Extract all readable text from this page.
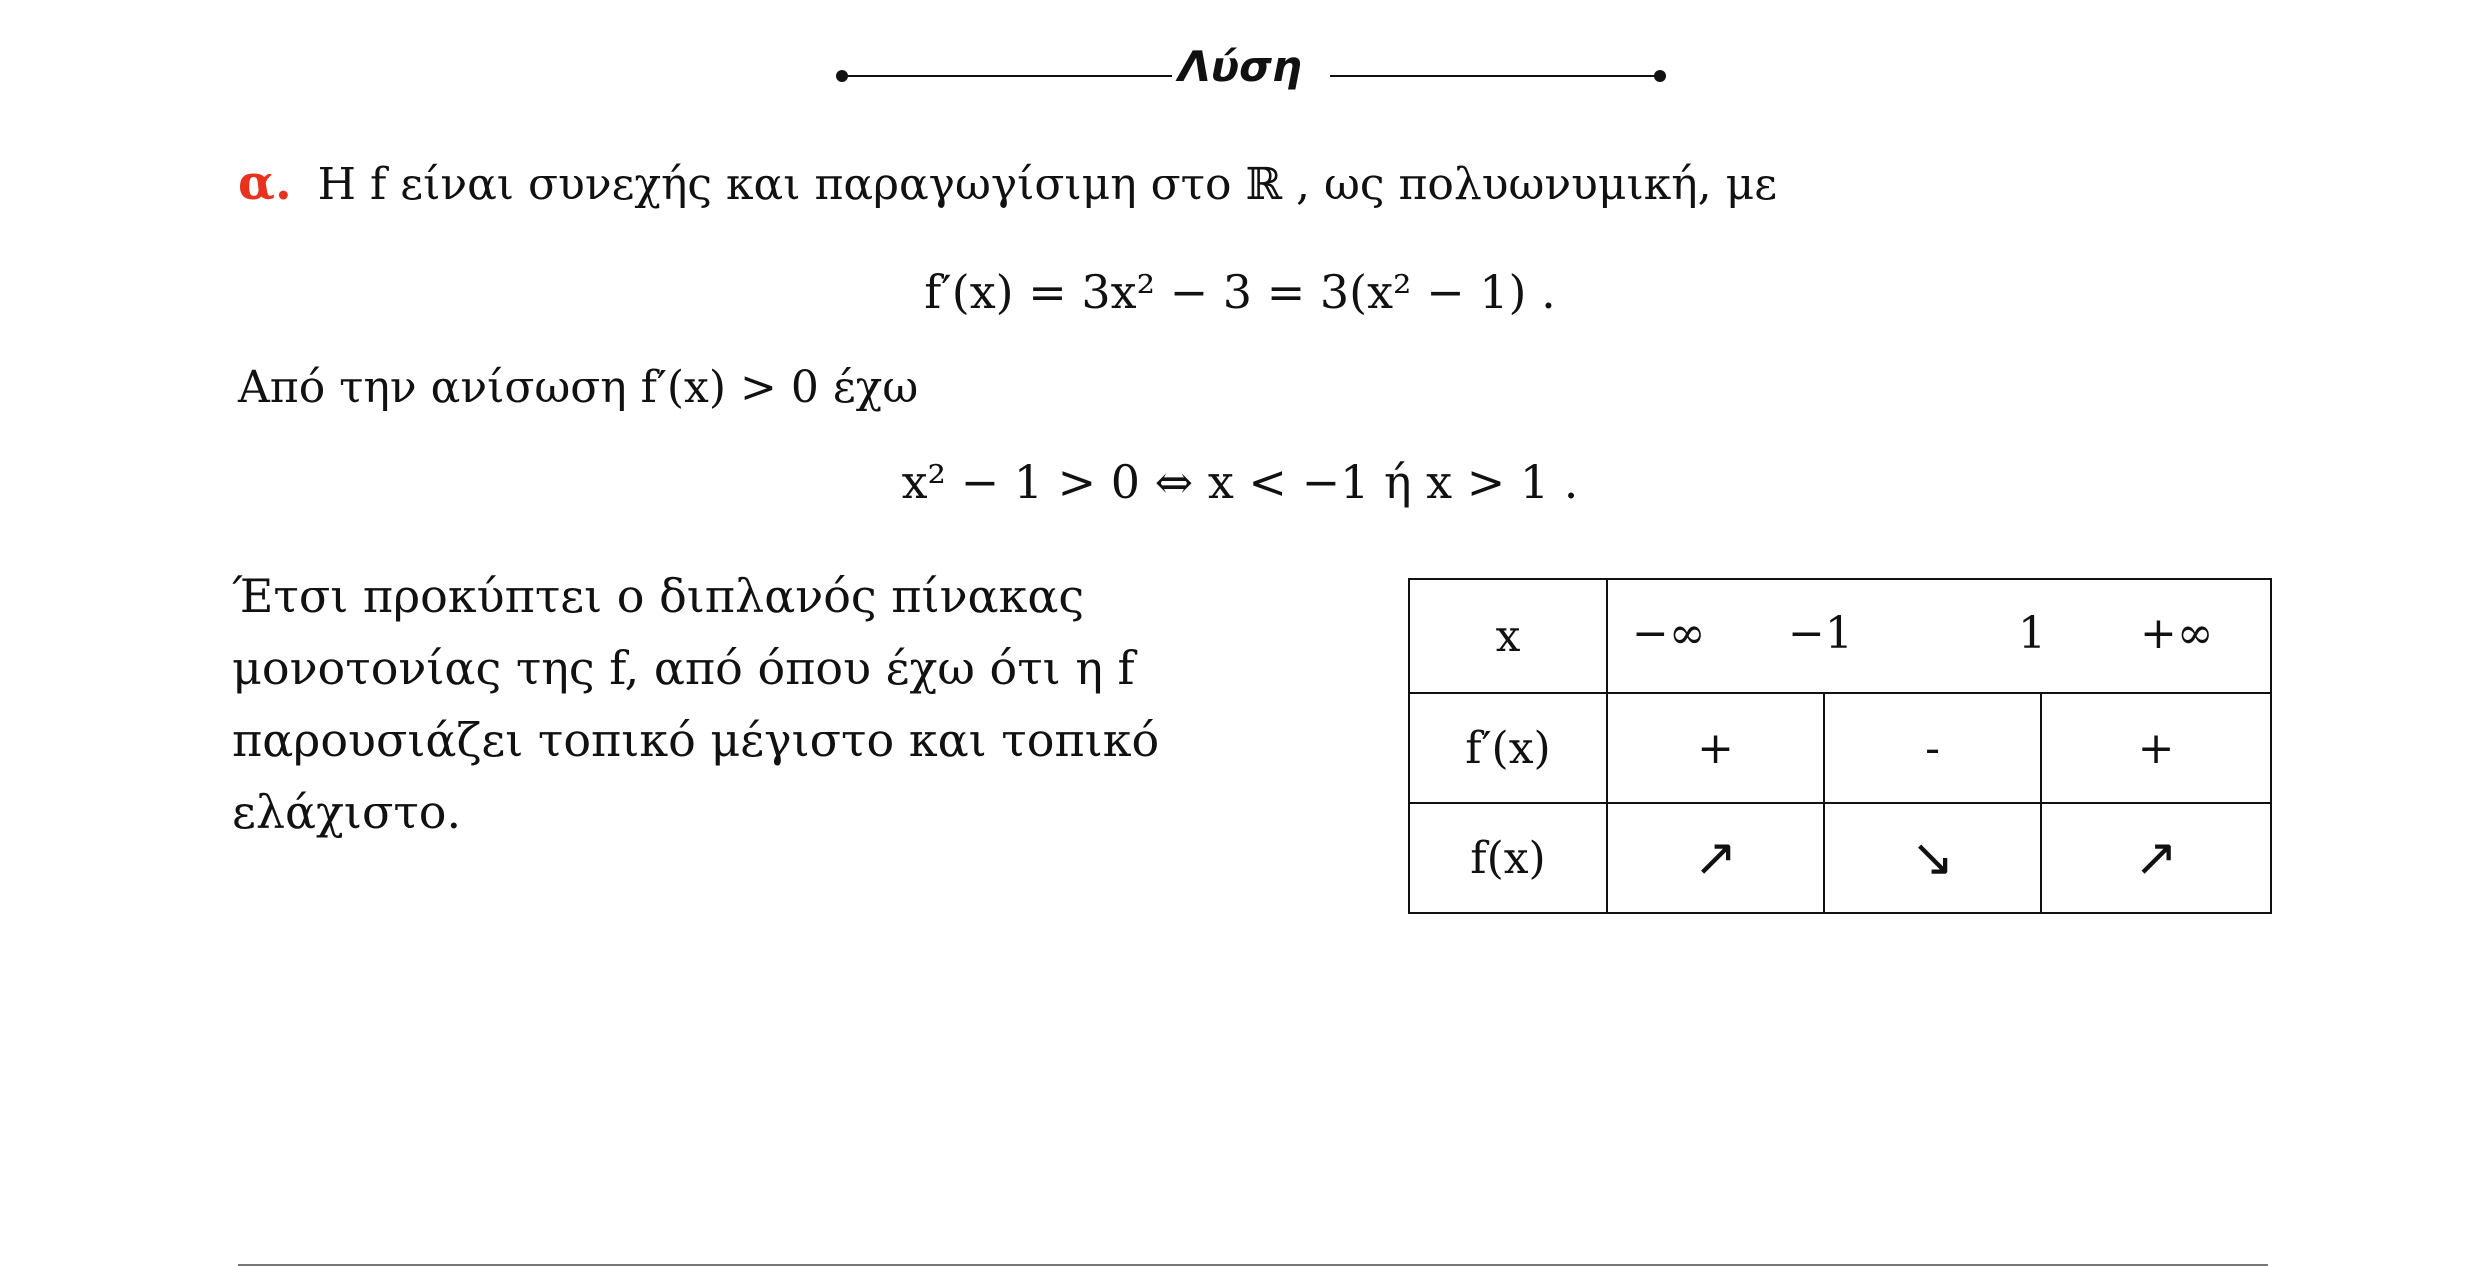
Λύση
α. Η f είναι συνεχής και παραγωγίσιμη στο ℝ , ως πολυωνυμική, με
f′(x) = 3x² − 3 = 3(x² − 1) .
Από την ανίσωση f′(x) > 0 έχω
x² − 1 > 0 ⇔ x < −1 ή x > 1 .
Έτσι προκύπτει ο διπλανός πίνακας μονοτονίας της f, από όπου έχω ότι η f παρουσιάζει τοπικό μέγιστο και τοπικό ελάχιστο.
x	−∞ −1 1 +∞		

f′(x)	+	-	+
f(x)	↗	↘	↗
